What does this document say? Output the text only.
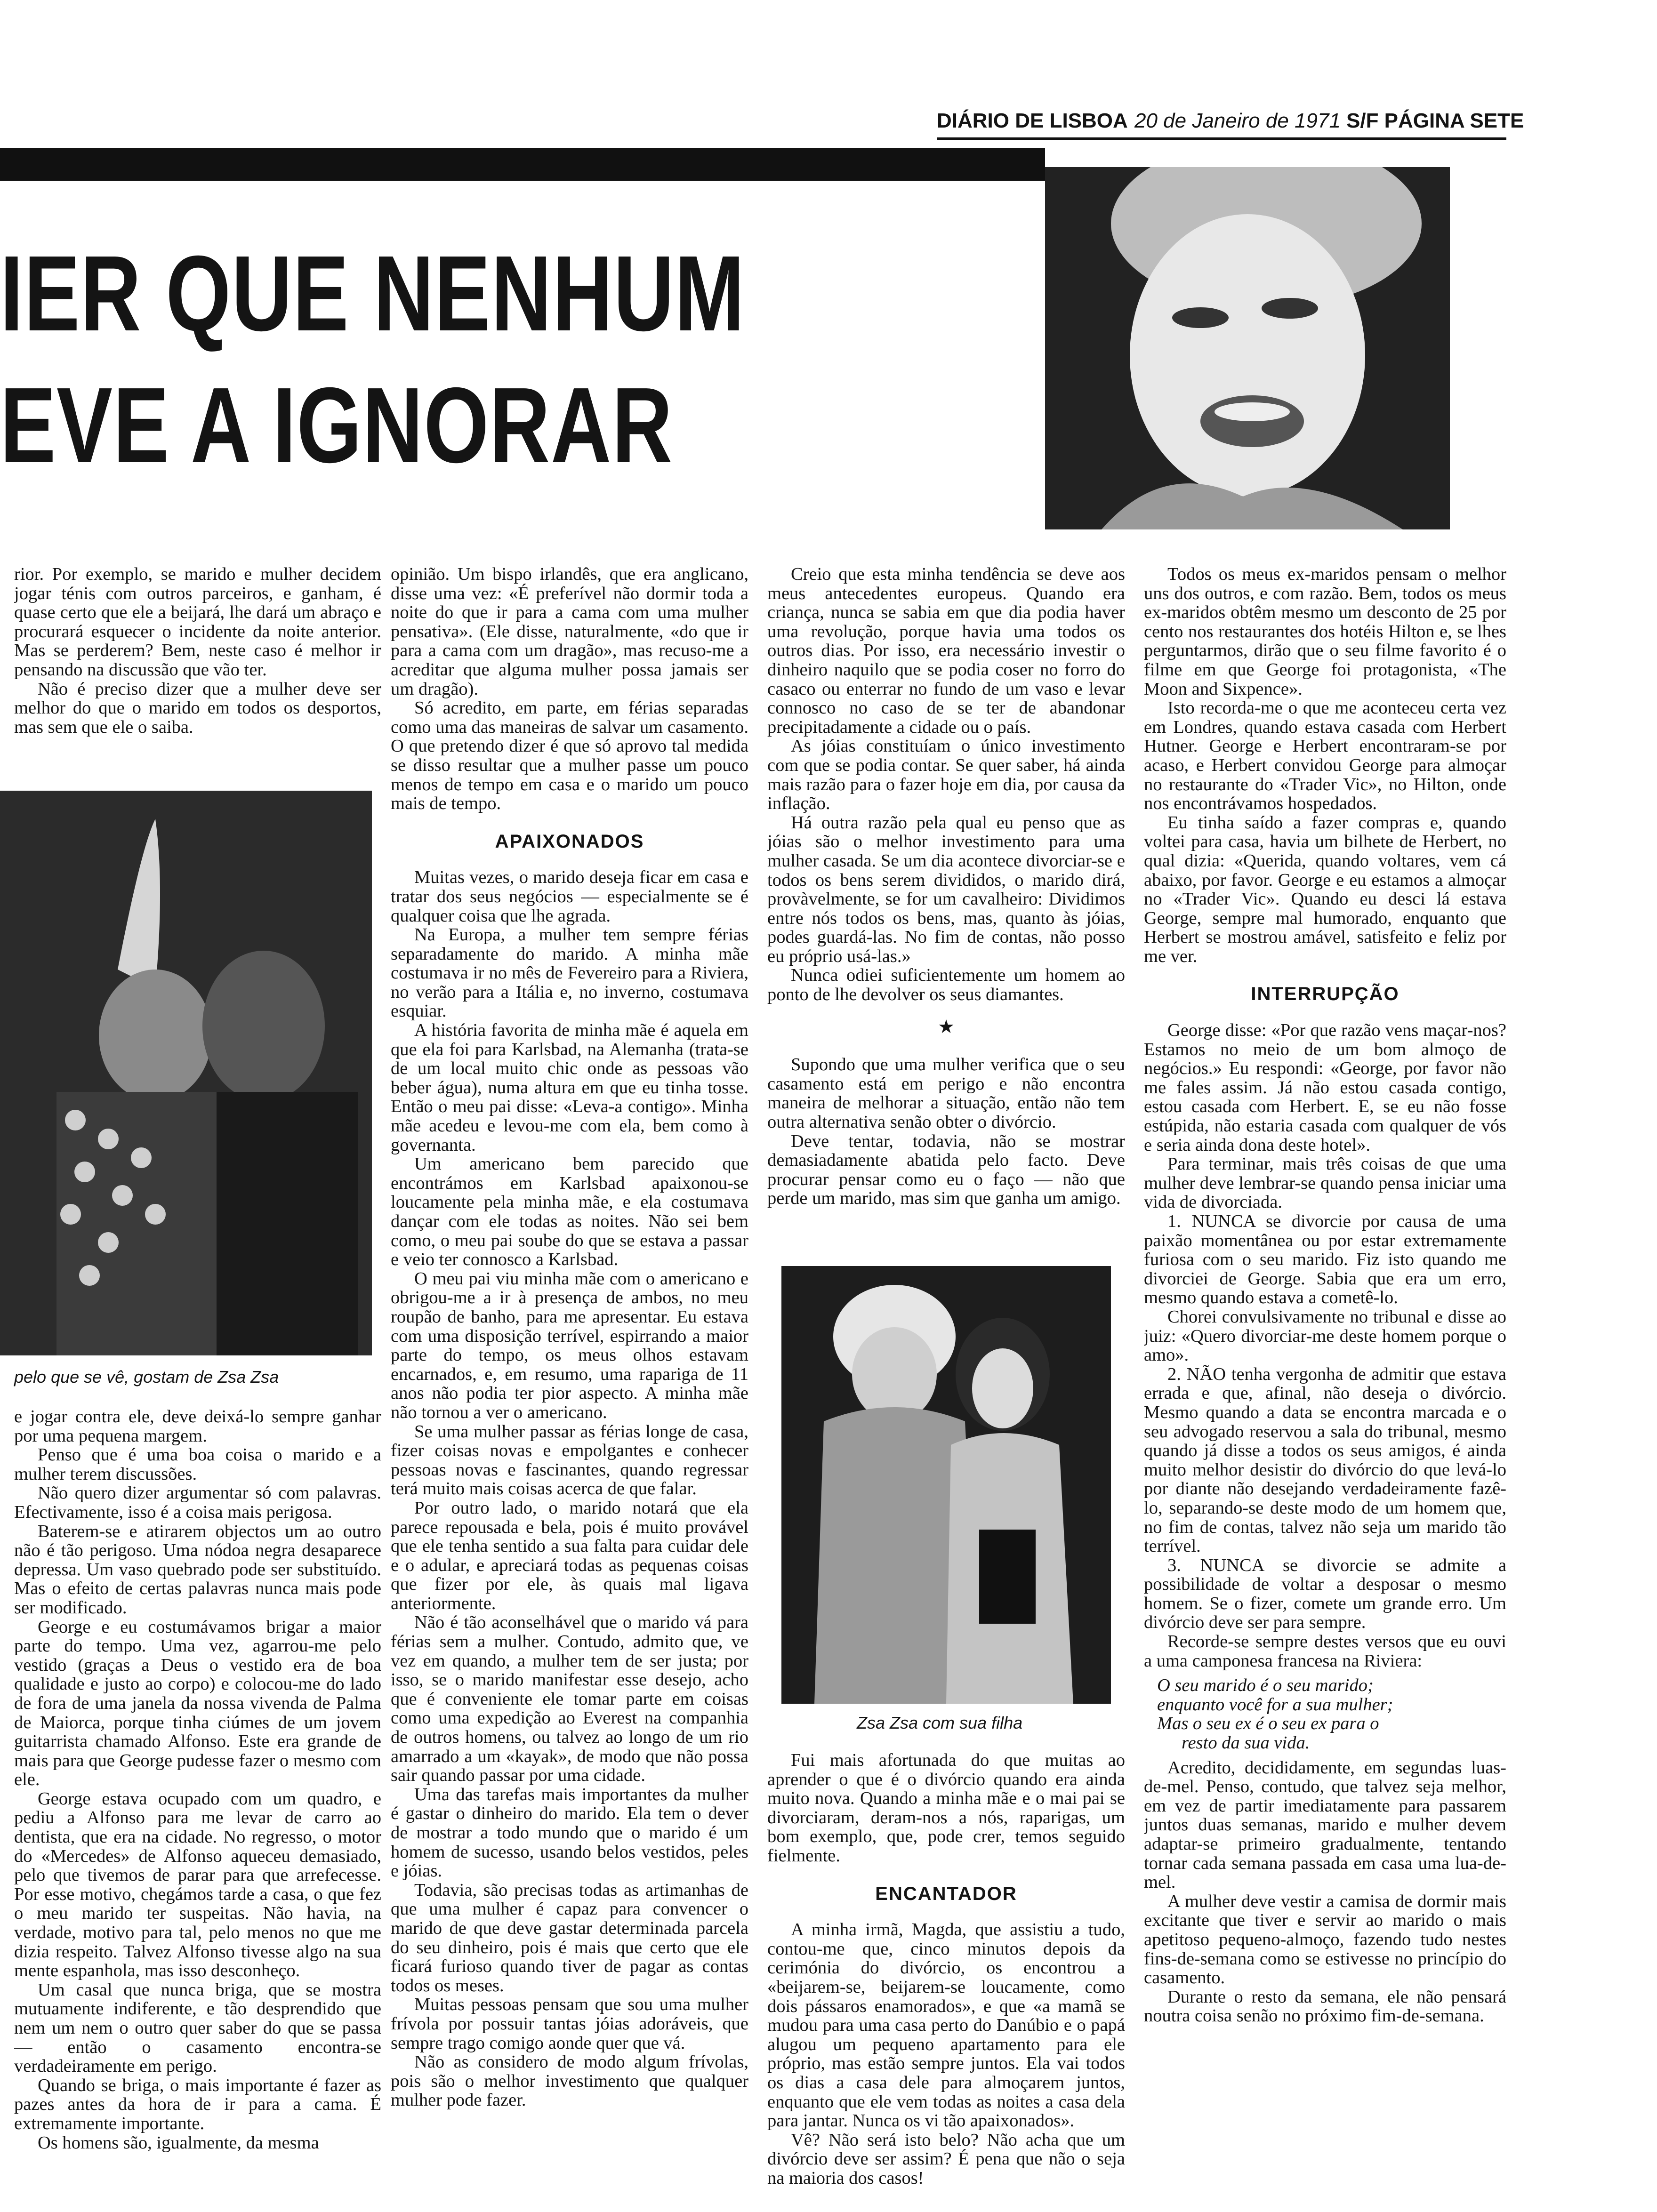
DIÁRIO DE LISBOA 20 de Janeiro de 1971 S/F PÁGINA SETE
IER QUE NENHUM
EVE A IGNORAR

rior. Por exemplo, se marido e mulher decidem jogar ténis com outros parceiros, e ganham, é quase certo que ele a beijará, lhe dará um abraço e procurará esquecer o incidente da noite anterior. Mas se perderem? Bem, neste caso é melhor ir pensando na discussão que vão ter.

Não é preciso dizer que a mulher deve ser melhor do que o marido em todos os desportos, mas sem que ele o saiba.

pelo que se vê, gostam de Zsa Zsa

e jogar contra ele, deve deixá-lo sempre ganhar por uma pequena margem.

Penso que é uma boa coisa o marido e a mulher terem discussões.

Não quero dizer argumentar só com palavras. Efectivamente, isso é a coisa mais perigosa.

Baterem-se e atirarem objectos um ao outro não é tão perigoso. Uma nódoa negra desaparece depressa. Um vaso quebrado pode ser substituído. Mas o efeito de certas palavras nunca mais pode ser modificado.

George e eu costumávamos brigar a maior parte do tempo. Uma vez, agarrou-me pelo vestido (graças a Deus o vestido era de boa qualidade e justo ao corpo) e colocou-me do lado de fora de uma janela da nossa vivenda de Palma de Maiorca, porque tinha ciúmes de um jovem guitarrista chamado Alfonso. Este era grande de mais para que George pudesse fazer o mesmo com ele.

George estava ocupado com um quadro, e pediu a Alfonso para me levar de carro ao dentista, que era na cidade. No regresso, o motor do «Mercedes» de Alfonso aqueceu demasiado, pelo que tivemos de parar para que arrefecesse. Por esse motivo, chegámos tarde a casa, o que fez o meu marido ter suspeitas. Não havia, na verdade, motivo para tal, pelo menos no que me dizia respeito. Talvez Alfonso tivesse algo na sua mente espanhola, mas isso desconheço.

Um casal que nunca briga, que se mostra mutuamente indiferente, e tão desprendido que nem um nem o outro quer saber do que se passa — então o casamento encontra-se verdadeiramente em perigo.

Quando se briga, o mais importante é fazer as pazes antes da hora de ir para a cama. É extremamente importante.

Os homens são, igualmente, da mesma

opinião. Um bispo irlandês, que era anglicano, disse uma vez: «É preferível não dormir toda a noite do que ir para a cama com uma mulher pensativa». (Ele disse, naturalmente, «do que ir para a cama com um dragão», mas recuso-me a acreditar que alguma mulher possa jamais ser um dragão).

Só acredito, em parte, em férias separadas como uma das maneiras de salvar um casamento. O que pretendo dizer é que só aprovo tal medida se disso resultar que a mulher passe um pouco menos de tempo em casa e o marido um pouco mais de tempo.

APAIXONADOS

Muitas vezes, o marido deseja ficar em casa e tratar dos seus negócios — especialmente se é qualquer coisa que lhe agrada.

Na Europa, a mulher tem sempre férias separadamente do marido. A minha mãe costumava ir no mês de Fevereiro para a Riviera, no verão para a Itália e, no inverno, costumava esquiar.

A história favorita de minha mãe é aquela em que ela foi para Karlsbad, na Alemanha (trata-se de um local muito chic onde as pessoas vão beber água), numa altura em que eu tinha tosse. Então o meu pai disse: «Leva-a contigo». Minha mãe acedeu e levou-me com ela, bem como à governanta.

Um americano bem parecido que encontrámos em Karlsbad apaixonou-se loucamente pela minha mãe, e ela costumava dançar com ele todas as noites. Não sei bem como, o meu pai soube do que se estava a passar e veio ter connosco a Karlsbad.

O meu pai viu minha mãe com o americano e obrigou-me a ir à presença de ambos, no meu roupão de banho, para me apresentar. Eu estava com uma disposição terrível, espirrando a maior parte do tempo, os meus olhos estavam encarnados, e, em resumo, uma rapariga de 11 anos não podia ter pior aspecto. A minha mãe não tornou a ver o americano.

Se uma mulher passar as férias longe de casa, fizer coisas novas e empolgantes e conhecer pessoas novas e fascinantes, quando regressar terá muito mais coisas acerca de que falar.

Por outro lado, o marido notará que ela parece repousada e bela, pois é muito provável que ele tenha sentido a sua falta para cuidar dele e o adular, e apreciará todas as pequenas coisas que fizer por ele, às quais mal ligava anteriormente.

Não é tão aconselhável que o marido vá para férias sem a mulher. Contudo, admito que, ve vez em quando, a mulher tem de ser justa; por isso, se o marido manifestar esse desejo, acho que é conveniente ele tomar parte em coisas como uma expedição ao Everest na companhia de outros homens, ou talvez ao longo de um rio amarrado a um «kayak», de modo que não possa sair quando passar por uma cidade.

Uma das tarefas mais importantes da mulher é gastar o dinheiro do marido. Ela tem o dever de mostrar a todo mundo que o marido é um homem de sucesso, usando belos vestidos, peles e jóias.

Todavia, são precisas todas as artimanhas de que uma mulher é capaz para convencer o marido de que deve gastar determinada parcela do seu dinheiro, pois é mais que certo que ele ficará furioso quando tiver de pagar as contas todos os meses.

Muitas pessoas pensam que sou uma mulher frívola por possuir tantas jóias adoráveis, que sempre trago comigo aonde quer que vá.

Não as considero de modo algum frívolas, pois são o melhor investimento que qualquer mulher pode fazer.

Creio que esta minha tendência se deve aos meus antecedentes europeus. Quando era criança, nunca se sabia em que dia podia haver uma revolução, porque havia uma todos os outros dias. Por isso, era necessário investir o dinheiro naquilo que se podia coser no forro do casaco ou enterrar no fundo de um vaso e levar connosco no caso de se ter de abandonar precipitadamente a cidade ou o país.

As jóias constituíam o único investimento com que se podia contar. Se quer saber, há ainda mais razão para o fazer hoje em dia, por causa da inflação.

Há outra razão pela qual eu penso que as jóias são o melhor investimento para uma mulher casada. Se um dia acontece divorciar-se e todos os bens serem divididos, o marido dirá, provàvelmente, se for um cavalheiro: Dividimos entre nós todos os bens, mas, quanto às jóias, podes guardá-las. No fim de contas, não posso eu próprio usá-las.»

Nunca odiei suficientemente um homem ao ponto de lhe devolver os seus diamantes.

★

Supondo que uma mulher verifica que o seu casamento está em perigo e não encontra maneira de melhorar a situação, então não tem outra alternativa senão obter o divórcio.

Deve tentar, todavia, não se mostrar demasiadamente abatida pelo facto. Deve procurar pensar como eu o faço — não que perde um marido, mas sim que ganha um amigo.

Zsa Zsa com sua filha

Fui mais afortunada do que muitas ao aprender o que é o divórcio quando era ainda muito nova. Quando a minha mãe e o mai pai se divorciaram, deram-nos a nós, raparigas, um bom exemplo, que, pode crer, temos seguido fielmente.

ENCANTADOR

A minha irmã, Magda, que assistiu a tudo, contou-me que, cinco minutos depois da cerimónia do divórcio, os encontrou a «beijarem-se, beijarem-se loucamente, como dois pássaros enamorados», e que «a mamã se mudou para uma casa perto do Danúbio e o papá alugou um pequeno apartamento para ele próprio, mas estão sempre juntos. Ela vai todos os dias a casa dele para almoçarem juntos, enquanto que ele vem todas as noites a casa dela para jantar. Nunca os vi tão apaixonados».

Vê? Não será isto belo? Não acha que um divórcio deve ser assim? É pena que não o seja na maioria dos casos!

Todos os meus ex-maridos pensam o melhor uns dos outros, e com razão. Bem, todos os meus ex-maridos obtêm mesmo um desconto de 25 por cento nos restaurantes dos hotéis Hilton e, se lhes perguntarmos, dirão que o seu filme favorito é o filme em que George foi protagonista, «The Moon and Sixpence».

Isto recorda-me o que me aconteceu certa vez em Londres, quando estava casada com Herbert Hutner. George e Herbert encontraram-se por acaso, e Herbert convidou George para almoçar no restaurante do «Trader Vic», no Hilton, onde nos encontrávamos hospedados.

Eu tinha saído a fazer compras e, quando voltei para casa, havia um bilhete de Herbert, no qual dizia: «Querida, quando voltares, vem cá abaixo, por favor. George e eu estamos a almoçar no «Trader Vic». Quando eu desci lá estava George, sempre mal humorado, enquanto que Herbert se mostrou amável, satisfeito e feliz por me ver.

INTERRUPÇÃO

George disse: «Por que razão vens maçar-nos? Estamos no meio de um bom almoço de negócios.» Eu respondi: «George, por favor não me fales assim. Já não estou casada contigo, estou casada com Herbert. E, se eu não fosse estúpida, não estaria casada com qualquer de vós e seria ainda dona deste hotel».

Para terminar, mais três coisas de que uma mulher deve lembrar-se quando pensa iniciar uma vida de divorciada.

1. NUNCA se divorcie por causa de uma paixão momentânea ou por estar extremamente furiosa com o seu marido. Fiz isto quando me divorciei de George. Sabia que era um erro, mesmo quando estava a cometê-lo.

Chorei convulsivamente no tribunal e disse ao juiz: «Quero divorciar-me deste homem porque o amo».

2. NÃO tenha vergonha de admitir que estava errada e que, afinal, não deseja o divórcio. Mesmo quando a data se encontra marcada e o seu advogado reservou a sala do tribunal, mesmo quando já disse a todos os seus amigos, é ainda muito melhor desistir do divórcio do que levá-lo por diante não desejando verdadeiramente fazê-lo, separando-se deste modo de um homem que, no fim de contas, talvez não seja um marido tão terrível.

3. NUNCA se divorcie se admite a possibilidade de voltar a desposar o mesmo homem. Se o fizer, comete um grande erro. Um divórcio deve ser para sempre.

Recorde-se sempre destes versos que eu ouvi a uma camponesa francesa na Riviera:

O seu marido é o seu marido;

enquanto você for a sua mulher;

Mas o seu ex é o seu ex para o

resto da sua vida.

Acredito, decididamente, em segundas luas-de-mel. Penso, contudo, que talvez seja melhor, em vez de partir imediatamente para passarem juntos duas semanas, marido e mulher devem adaptar-se primeiro gradualmente, tentando tornar cada semana passada em casa uma lua-de-mel.

A mulher deve vestir a camisa de dormir mais excitante que tiver e servir ao marido o mais apetitoso pequeno-almoço, fazendo tudo nestes fins-de-semana como se estivesse no princípio do casamento.

Durante o resto da semana, ele não pensará noutra coisa senão no próximo fim-de-semana.
